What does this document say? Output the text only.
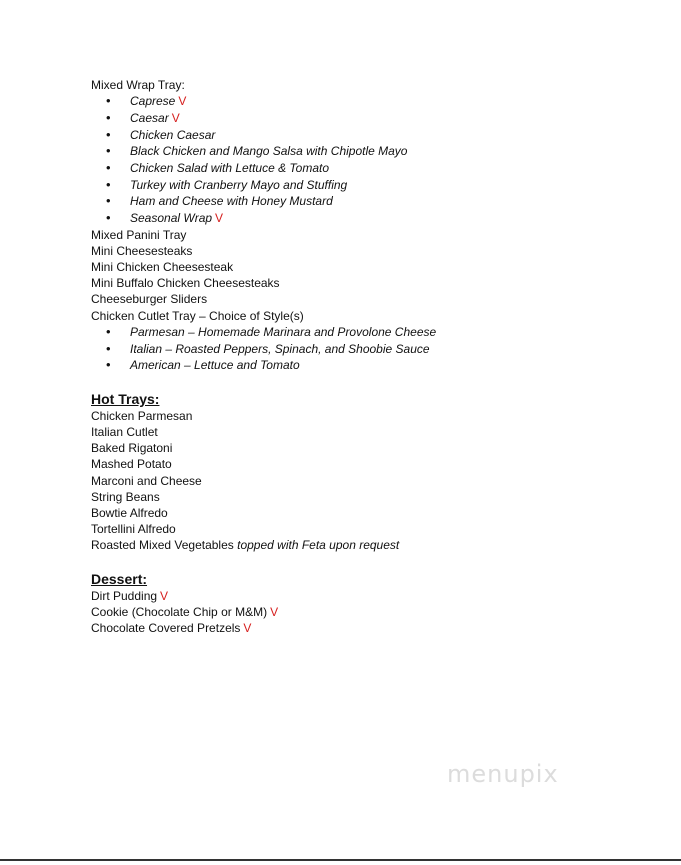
Mixed Wrap Tray:
• Caprese V
• Caesar V
• Chicken Caesar
• Black Chicken and Mango Salsa with Chipotle Mayo
• Chicken Salad with Lettuce & Tomato
• Turkey with Cranberry Mayo and Stuffing
• Ham and Cheese with Honey Mustard
• Seasonal Wrap V
Mixed Panini Tray
Mini Cheesesteaks
Mini Chicken Cheesesteak
Mini Buffalo Chicken Cheesesteaks
Cheeseburger Sliders
Chicken Cutlet Tray – Choice of Style(s)
• Parmesan – Homemade Marinara and Provolone Cheese
• Italian – Roasted Peppers, Spinach, and Shoobie Sauce
• American – Lettuce and Tomato
Hot Trays:
Chicken Parmesan
Italian Cutlet
Baked Rigatoni
Mashed Potato
Marconi and Cheese
String Beans
Bowtie Alfredo
Tortellini Alfredo
Roasted Mixed Vegetables topped with Feta upon request
Dessert:
Dirt Pudding V
Cookie (Chocolate Chip or M&M) V
Chocolate Covered Pretzels V
menupix
